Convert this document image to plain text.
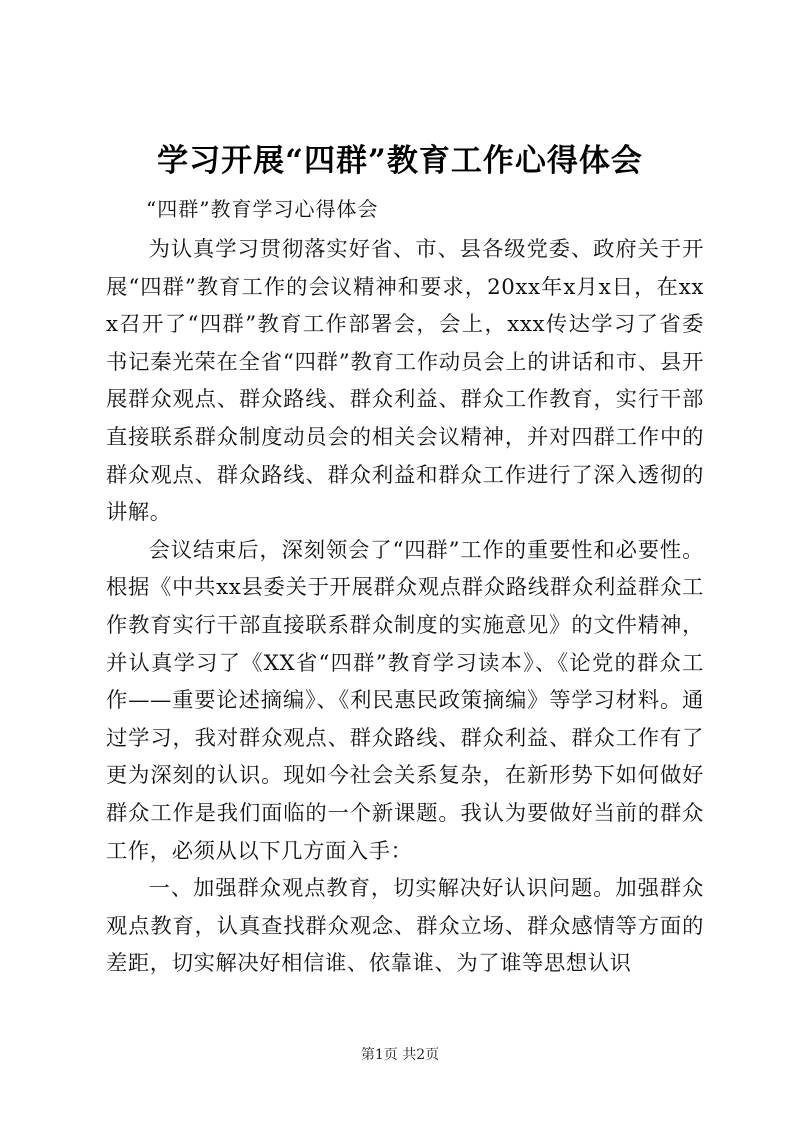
学习开展“四群”教育工作心得体会
“四群”教育学习心得体会

为认真学习贯彻落实好省、市、县各级党委、政府关于开展“四群”教育工作的会议精神和要求，20xx年x月x日，在xxx召开了“四群”教育工作部署会，会上，xxx传达学习了省委书记秦光荣在全省“四群”教育工作动员会上的讲话和市、县开展群众观点、群众路线、群众利益、群众工作教育，实行干部直接联系群众制度动员会的相关会议精神，并对四群工作中的群众观点、群众路线、群众利益和群众工作进行了深入透彻的讲解。

会议结束后，深刻领会了“四群”工作的重要性和必要性。根据《中共xx县委关于开展群众观点群众路线群众利益群众工作教育实行干部直接联系群众制度的实施意见》的文件精神，并认真学习了《XX省“四群”教育学习读本》、《论党的群众工作——重要论述摘编》、《利民惠民政策摘编》等学习材料。通过学习，我对群众观点、群众路线、群众利益、群众工作有了更为深刻的认识。现如今社会关系复杂，在新形势下如何做好群众工作是我们面临的一个新课题。我认为要做好当前的群众工作，必须从以下几方面入手：

一、加强群众观点教育，切实解决好认识问题。加强群众观点教育，认真查找群众观念、群众立场、群众感情等方面的差距，切实解决好相信谁、依靠谁、为了谁等思想认识

第1页 共2页
